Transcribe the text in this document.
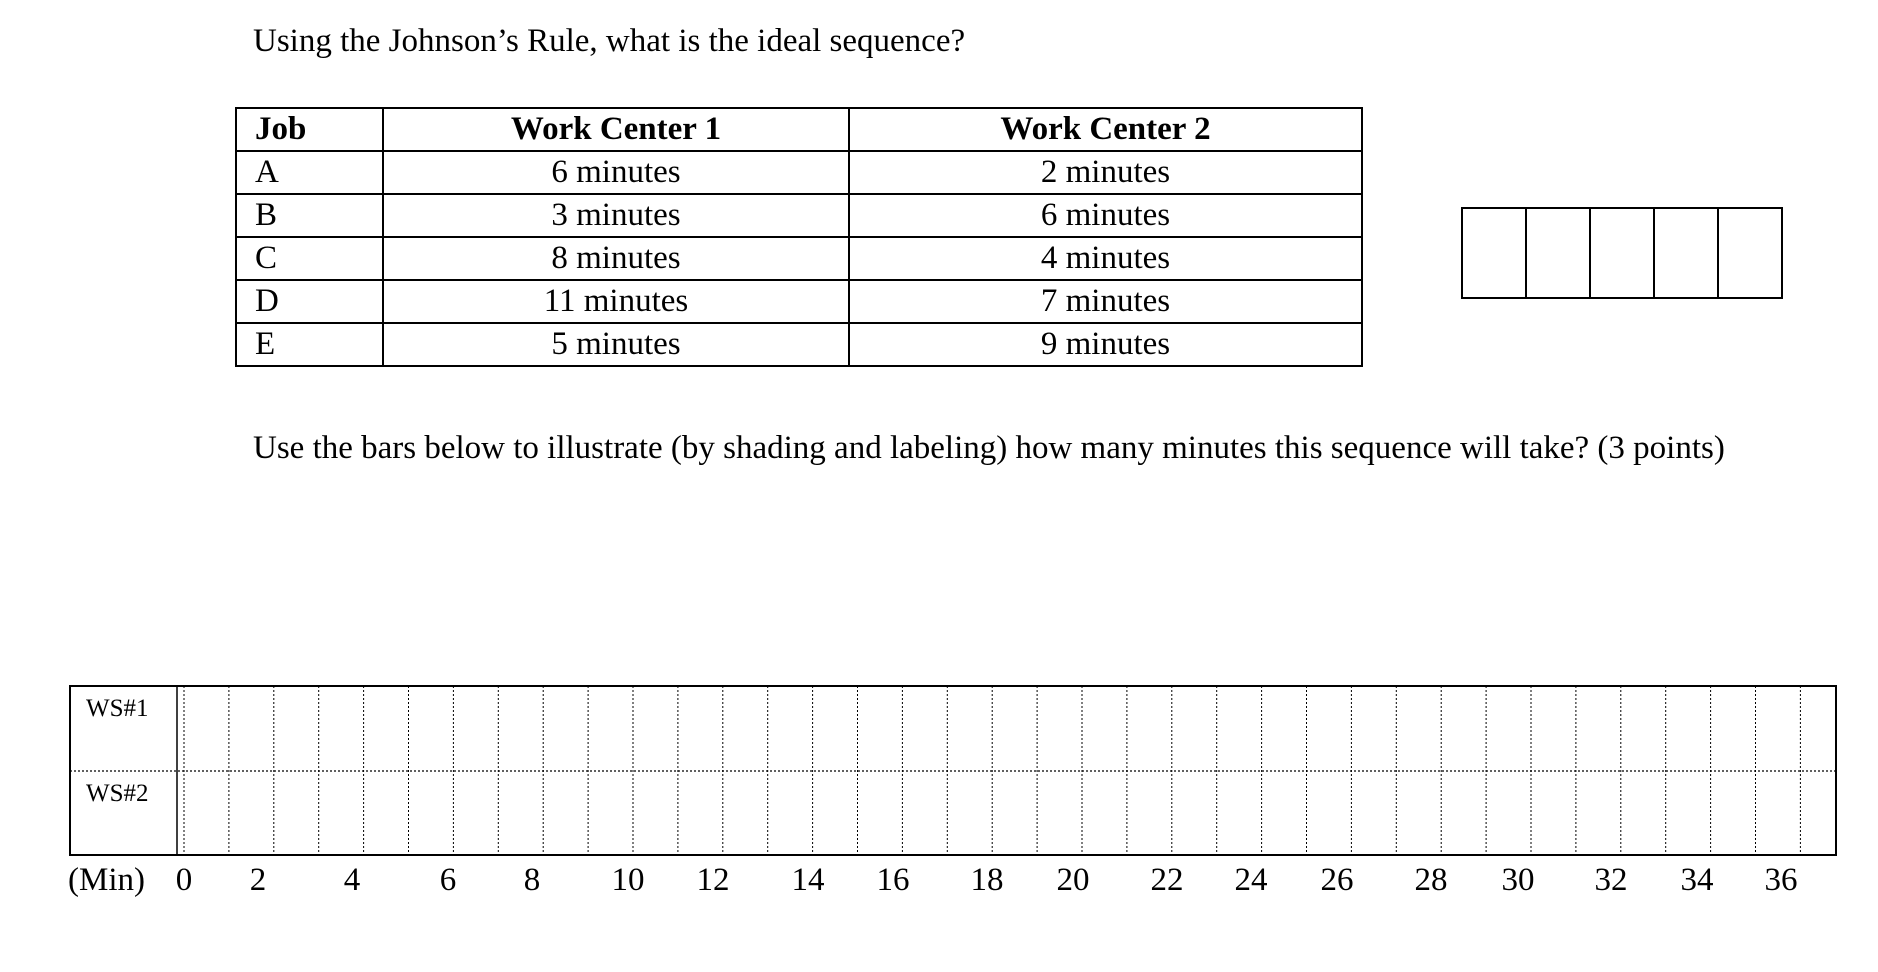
Using the Johnson’s Rule, what is the ideal sequence?
Job	Work Center 1	Work Center 2
A	6 minutes	2 minutes
B	3 minutes	6 minutes
C	8 minutes	4 minutes
D	11 minutes	7 minutes
E	5 minutes	9 minutes
Use the bars below to illustrate (by shading and labeling) how many minutes this sequence will take? (3 points)
WS#1
WS#2
(Min) 0 2 4 6 8 10 12 14 16 18 20 22 24 26 28 30 32 34 36
